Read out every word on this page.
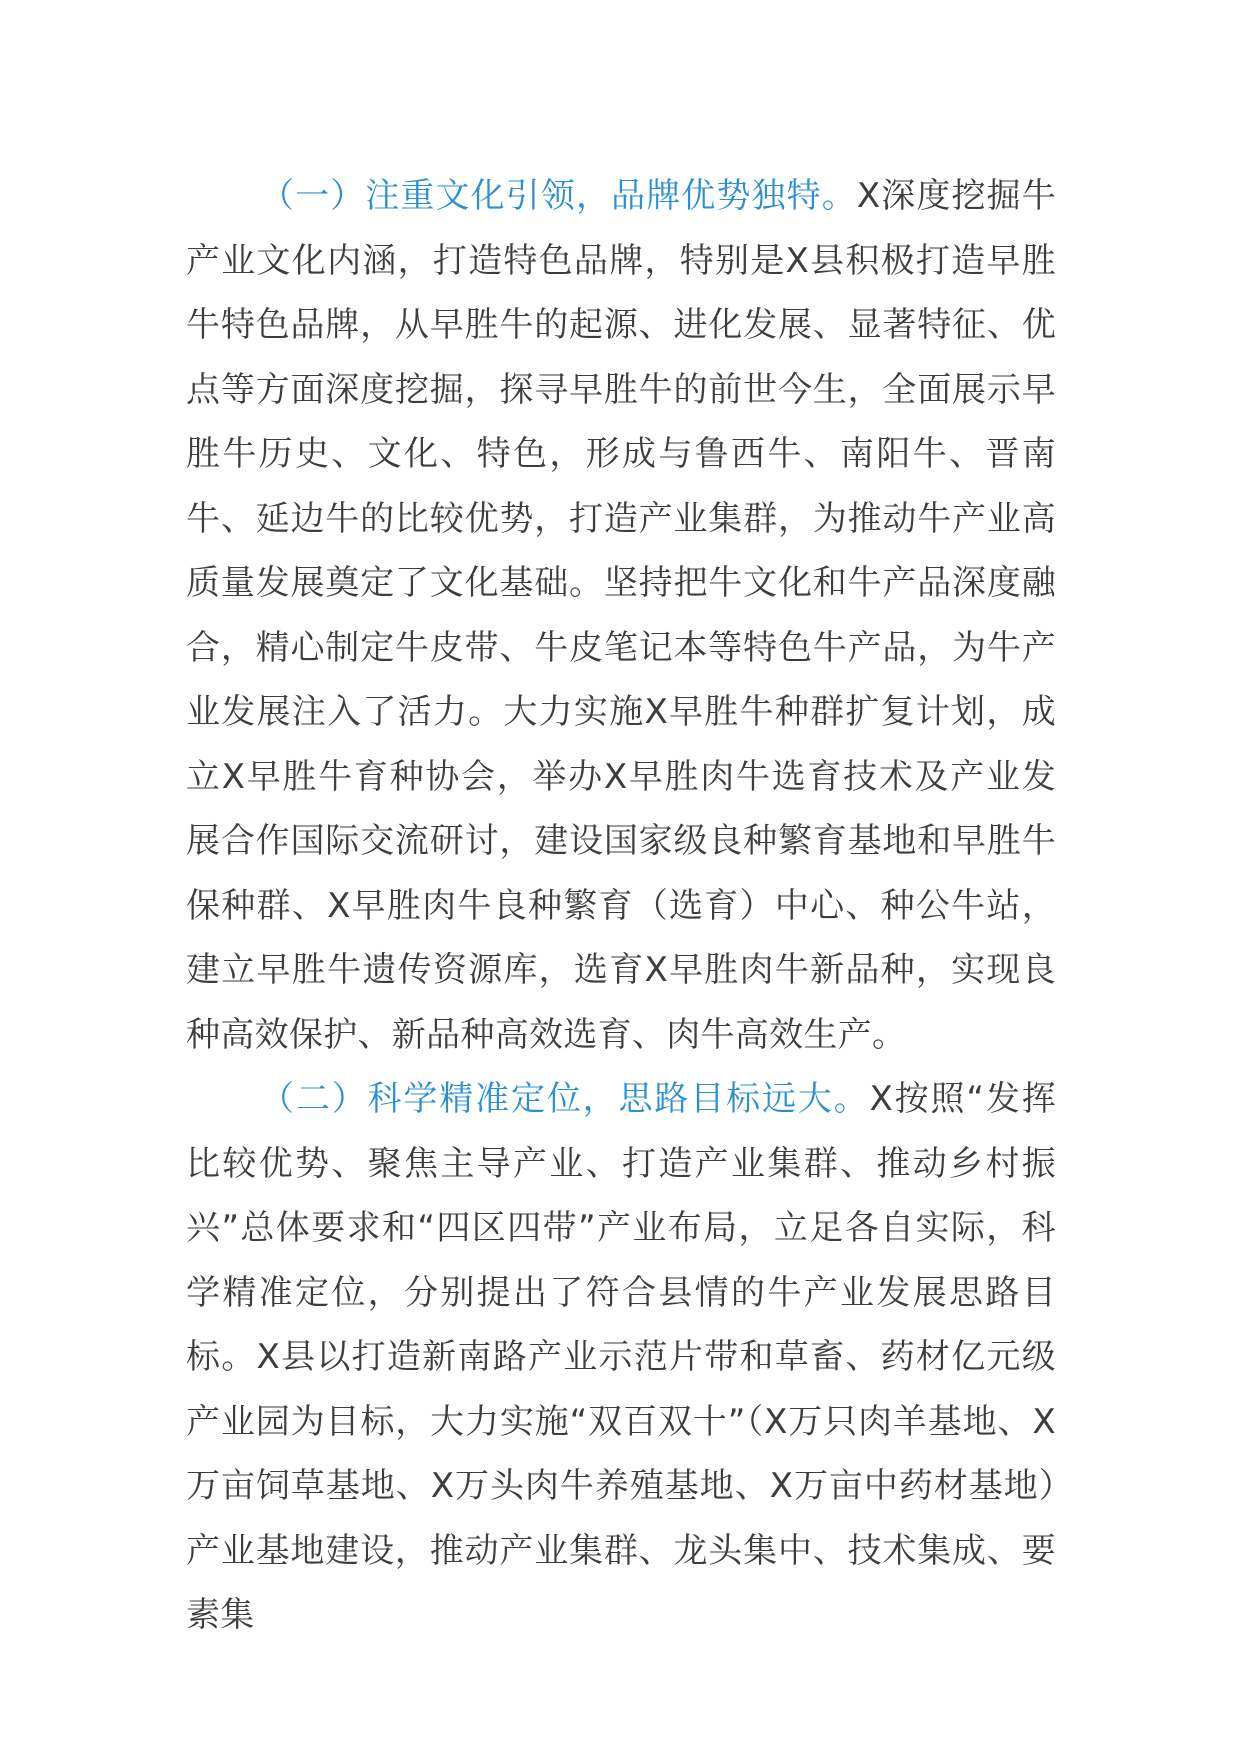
（一）注重文化引领，品牌优势独特。X深度挖掘牛产业文化内涵，打造特色品牌，特别是X县积极打造早胜牛特色品牌，从早胜牛的起源、进化发展、显著特征、优点等方面深度挖掘，探寻早胜牛的前世今生，全面展示早胜牛历史、文化、特色，形成与鲁西牛、南阳牛、晋南牛、延边牛的比较优势，打造产业集群，为推动牛产业高质量发展奠定了文化基础。坚持把牛文化和牛产品深度融合，精心制定牛皮带、牛皮笔记本等特色牛产品，为牛产业发展注入了活力。大力实施X早胜牛种群扩复计划，成立X早胜牛育种协会，举办X早胜肉牛选育技术及产业发展合作国际交流研讨，建设国家级良种繁育基地和早胜牛保种群、X早胜肉牛良种繁育（选育）中心、种公牛站，建立早胜牛遗传资源库，选育X早胜肉牛新品种，实现良种高效保护、新品种高效选育、肉牛高效生产。

（二）科学精准定位，思路目标远大。X按照“发挥比较优势、聚焦主导产业、打造产业集群、推动乡村振兴”总体要求和“四区四带”产业布局，立足各自实际，科学精准定位，分别提出了符合县情的牛产业发展思路目标。X县以打造新南路产业示范片带和草畜、药材亿元级产业园为目标，大力实施“双百双十”（X万只肉羊基地、X万亩饲草基地、X万头肉牛养殖基地、X万亩中药材基地）产业基地建设，推动产业集群、龙头集中、技术集成、要素集
